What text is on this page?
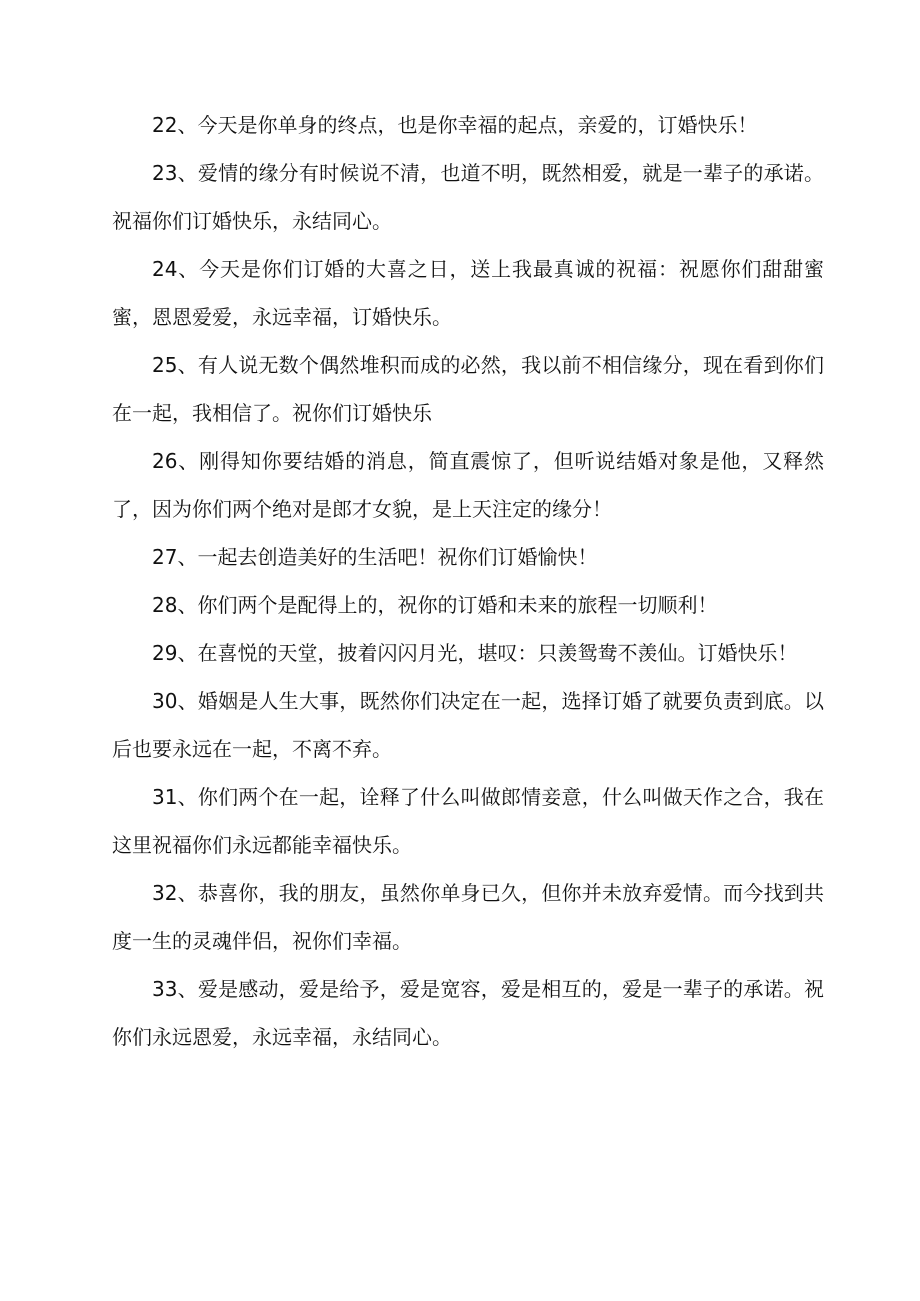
22、今天是你单身的终点，也是你幸福的起点，亲爱的，订婚快乐！

23、爱情的缘分有时候说不清，也道不明，既然相爱，就是一辈子的承诺。祝福你们订婚快乐，永结同心。

24、今天是你们订婚的大喜之日，送上我最真诚的祝福：祝愿你们甜甜蜜蜜，恩恩爱爱，永远幸福，订婚快乐。

25、有人说无数个偶然堆积而成的必然，我以前不相信缘分，现在看到你们在一起，我相信了。祝你们订婚快乐

26、刚得知你要结婚的消息，简直震惊了，但听说结婚对象是他，又释然了，因为你们两个绝对是郎才女貌，是上天注定的缘分！

27、一起去创造美好的生活吧！祝你们订婚愉快！

28、你们两个是配得上的，祝你的订婚和未来的旅程一切顺利！

29、在喜悦的天堂，披着闪闪月光，堪叹：只羡鸳鸯不羡仙。订婚快乐！

30、婚姻是人生大事，既然你们决定在一起，选择订婚了就要负责到底。以后也要永远在一起，不离不弃。

31、你们两个在一起，诠释了什么叫做郎情妾意，什么叫做天作之合，我在这里祝福你们永远都能幸福快乐。

32、恭喜你，我的朋友，虽然你单身已久，但你并未放弃爱情。而今找到共度一生的灵魂伴侣，祝你们幸福。

33、爱是感动，爱是给予，爱是宽容，爱是相互的，爱是一辈子的承诺。祝你们永远恩爱，永远幸福，永结同心。
